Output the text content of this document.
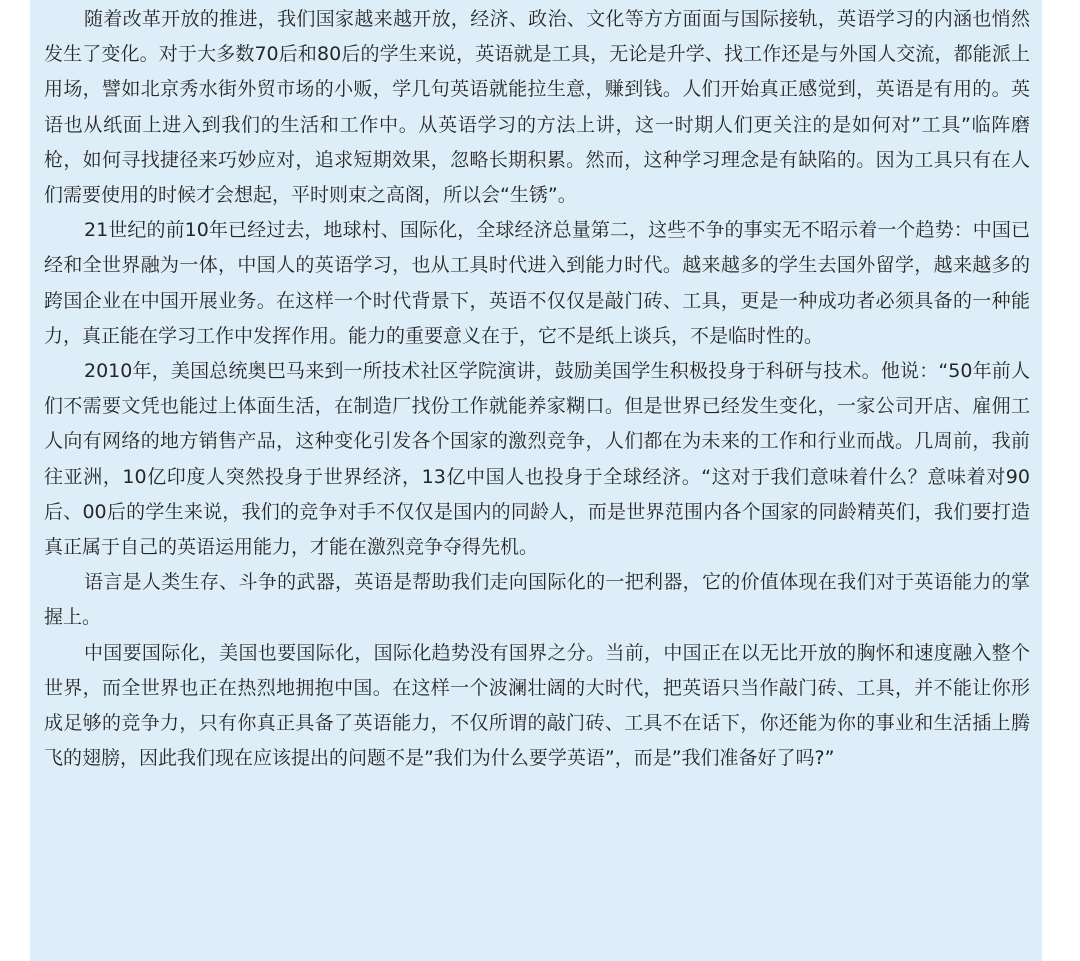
随着改革开放的推进，我们国家越来越开放，经济、政治、文化等方方面面与国际接轨，英语学习的内涵也悄然发生了变化。对于大多数70后和80后的学生来说，英语就是工具，无论是升学、找工作还是与外国人交流，都能派上用场，譬如北京秀水街外贸市场的小贩，学几句英语就能拉生意，赚到钱。人们开始真正感觉到，英语是有用的。英语也从纸面上进入到我们的生活和工作中。从英语学习的方法上讲，这一时期人们更关注的是如何对”工具”临阵磨枪，如何寻找捷径来巧妙应对，追求短期效果，忽略长期积累。然而，这种学习理念是有缺陷的。因为工具只有在人们需要使用的时候才会想起，平时则束之高阁，所以会“生锈”。

21世纪的前10年已经过去，地球村、国际化，全球经济总量第二，这些不争的事实无不昭示着一个趋势：中国已经和全世界融为一体，中国人的英语学习，也从工具时代进入到能力时代。越来越多的学生去国外留学，越来越多的跨国企业在中国开展业务。在这样一个时代背景下，英语不仅仅是敲门砖、工具，更是一种成功者必须具备的一种能力，真正能在学习工作中发挥作用。能力的重要意义在于，它不是纸上谈兵，不是临时性的。

2010年，美国总统奥巴马来到一所技术社区学院演讲，鼓励美国学生积极投身于科研与技术。他说：“50年前人们不需要文凭也能过上体面生活，在制造厂找份工作就能养家糊口。但是世界已经发生变化，一家公司开店、雇佣工人向有网络的地方销售产品，这种变化引发各个国家的激烈竞争，人们都在为未来的工作和行业而战。几周前，我前往亚洲，10亿印度人突然投身于世界经济，13亿中国人也投身于全球经济。“这对于我们意味着什么？意味着对90后、00后的学生来说，我们的竞争对手不仅仅是国内的同龄人，而是世界范围内各个国家的同龄精英们，我们要打造真正属于自己的英语运用能力，才能在激烈竞争夺得先机。

语言是人类生存、斗争的武器，英语是帮助我们走向国际化的一把利器，它的价值体现在我们对于英语能力的掌握上。

中国要国际化，美国也要国际化，国际化趋势没有国界之分。当前，中国正在以无比开放的胸怀和速度融入整个世界，而全世界也正在热烈地拥抱中国。在这样一个波澜壮阔的大时代，把英语只当作敲门砖、工具，并不能让你形成足够的竞争力，只有你真正具备了英语能力，不仅所谓的敲门砖、工具不在话下，你还能为你的事业和生活插上腾飞的翅膀，因此我们现在应该提出的问题不是”我们为什么要学英语”，而是”我们准备好了吗?”
